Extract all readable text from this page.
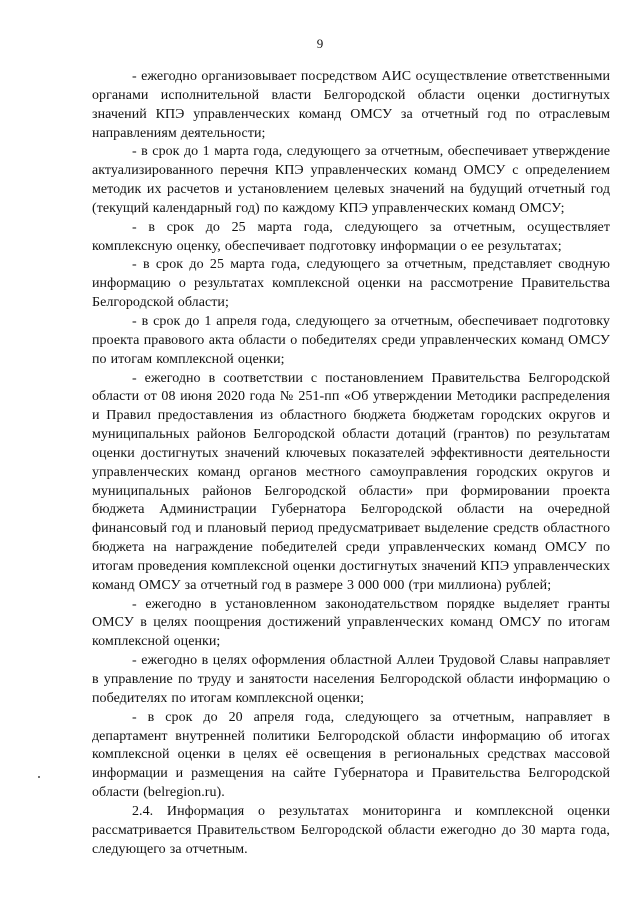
9

- ежегодно организовывает посредством АИС осуществление ответственными органами исполнительной власти Белгородской области оценки достигнутых значений КПЭ управленческих команд ОМСУ за отчетный год по отраслевым направлениям деятельности;

- в срок до 1 марта года, следующего за отчетным, обеспечивает утверждение актуализированного перечня КПЭ управленческих команд ОМСУ с определением методик их расчетов и установлением целевых значений на будущий отчетный год (текущий календарный год) по каждому КПЭ управленческих команд ОМСУ;

- в срок до 25 марта года, следующего за отчетным, осуществляет комплексную оценку, обеспечивает подготовку информации о ее результатах;

- в срок до 25 марта года, следующего за отчетным, представляет сводную информацию о результатах комплексной оценки на рассмотрение Правительства Белгородской области;

- в срок до 1 апреля года, следующего за отчетным, обеспечивает подготовку проекта правового акта области о победителях среди управленческих команд ОМСУ по итогам комплексной оценки;

- ежегодно в соответствии с постановлением Правительства Белгородской области от 08 июня 2020 года № 251-пп «Об утверждении Методики распределения и Правил предоставления из областного бюджета бюджетам городских округов и муниципальных районов Белгородской области дотаций (грантов) по результатам оценки достигнутых значений ключевых показателей эффективности деятельности управленческих команд органов местного самоуправления городских округов и муниципальных районов Белгородской области» при формировании проекта бюджета Администрации Губернатора Белгородской области на очередной финансовый год и плановый период предусматривает выделение средств областного бюджета на награждение победителей среди управленческих команд ОМСУ по итогам проведения комплексной оценки достигнутых значений КПЭ управленческих команд ОМСУ за отчетный год в размере 3 000 000 (три миллиона) рублей;

- ежегодно в установленном законодательством порядке выделяет гранты ОМСУ в целях поощрения достижений управленческих команд ОМСУ по итогам комплексной оценки;

- ежегодно в целях оформления областной Аллеи Трудовой Славы направляет в управление по труду и занятости населения Белгородской области информацию о победителях по итогам комплексной оценки;

- в срок до 20 апреля года, следующего за отчетным, направляет в департамент внутренней политики Белгородской области информацию об итогах комплексной оценки в целях её освещения в региональных средствах массовой информации и размещения на сайте Губернатора и Правительства Белгородской области (belregion.ru).

2.4. Информация о результатах мониторинга и комплексной оценки рассматривается Правительством Белгородской области ежегодно до 30 марта года, следующего за отчетным.
